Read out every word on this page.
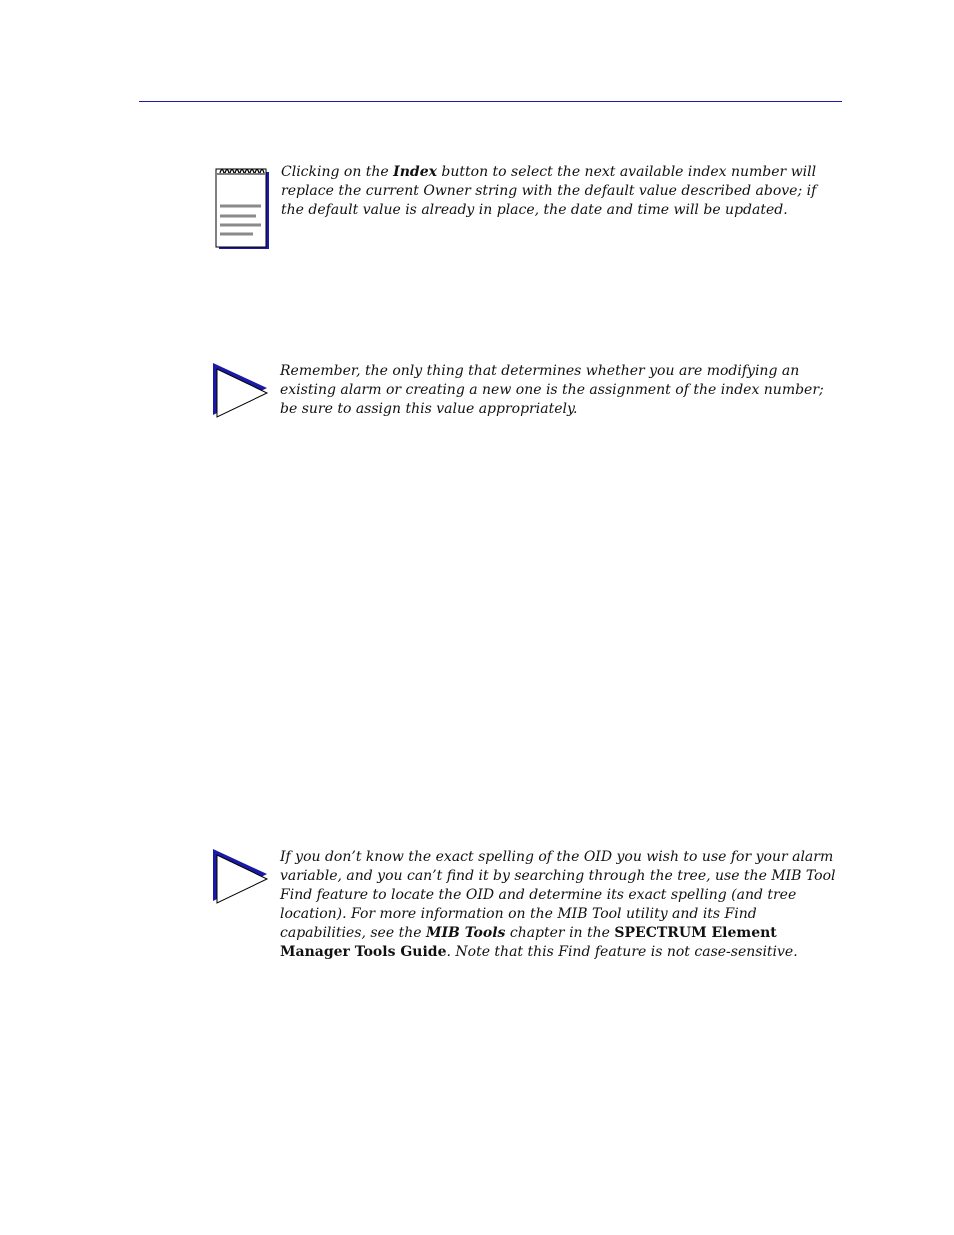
Clicking on the Index button to select the next available index number will replace the current Owner string with the default value described above; if the default value is already in place, the date and time will be updated.
Remember, the only thing that determines whether you are modifying an existing alarm or creating a new one is the assignment of the index number; be sure to assign this value appropriately.
If you don’t know the exact spelling of the OID you wish to use for your alarm variable, and you can’t find it by searching through the tree, use the MIB Tool Find feature to locate the OID and determine its exact spelling (and tree location). For more information on the MIB Tool utility and its Find capabilities, see the MIB Tools chapter in the SPECTRUM Element Manager Tools Guide. Note that this Find feature is not case-sensitive.
